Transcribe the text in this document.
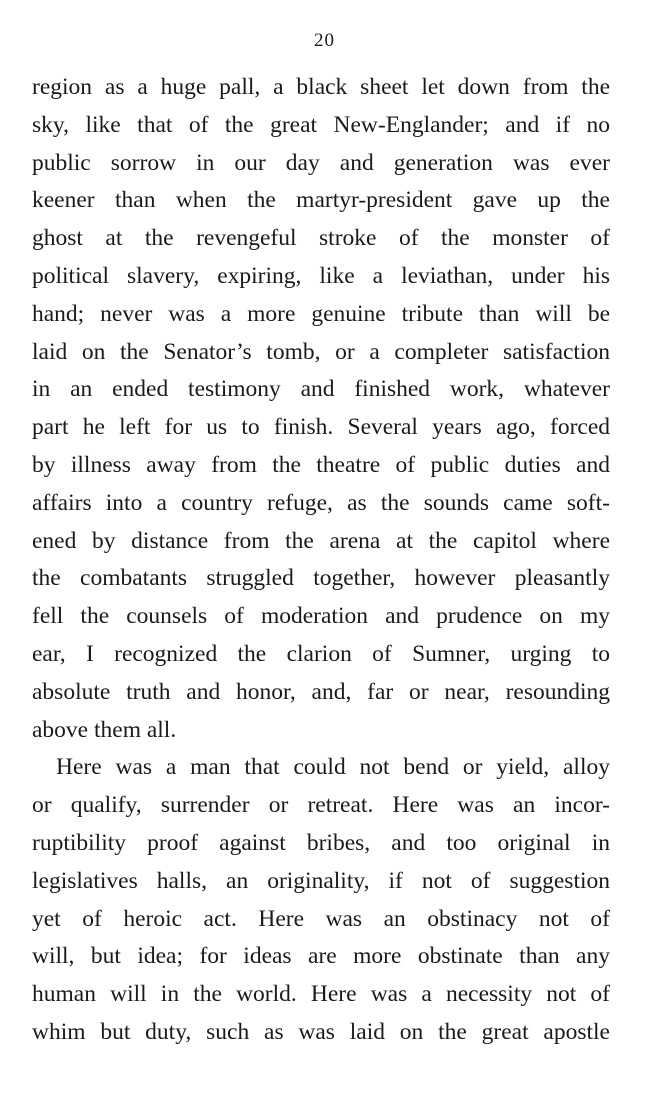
20
region as a huge pall, a black sheet let down from the
sky, like that of the great New-Englander; and if no
public sorrow in our day and generation was ever
keener than when the martyr-president gave up the
ghost at the revengeful stroke of the monster of
political slavery, expiring, like a leviathan, under his
hand; never was a more genuine tribute than will be
laid on the Senator’s tomb, or a completer satisfaction
in an ended testimony and finished work, whatever
part he left for us to finish. Several years ago, forced
by illness away from the theatre of public duties and
affairs into a country refuge, as the sounds came soft-
ened by distance from the arena at the capitol where
the combatants struggled together, however pleasantly
fell the counsels of moderation and prudence on my
ear, I recognized the clarion of Sumner, urging to
absolute truth and honor, and, far or near, resounding
above them all.
Here was a man that could not bend or yield, alloy
or qualify, surrender or retreat. Here was an incor-
ruptibility proof against bribes, and too original in
legislatives halls, an originality, if not of suggestion
yet of heroic act. Here was an obstinacy not of
will, but idea; for ideas are more obstinate than any
human will in the world. Here was a necessity not of
whim but duty, such as was laid on the great apostle
